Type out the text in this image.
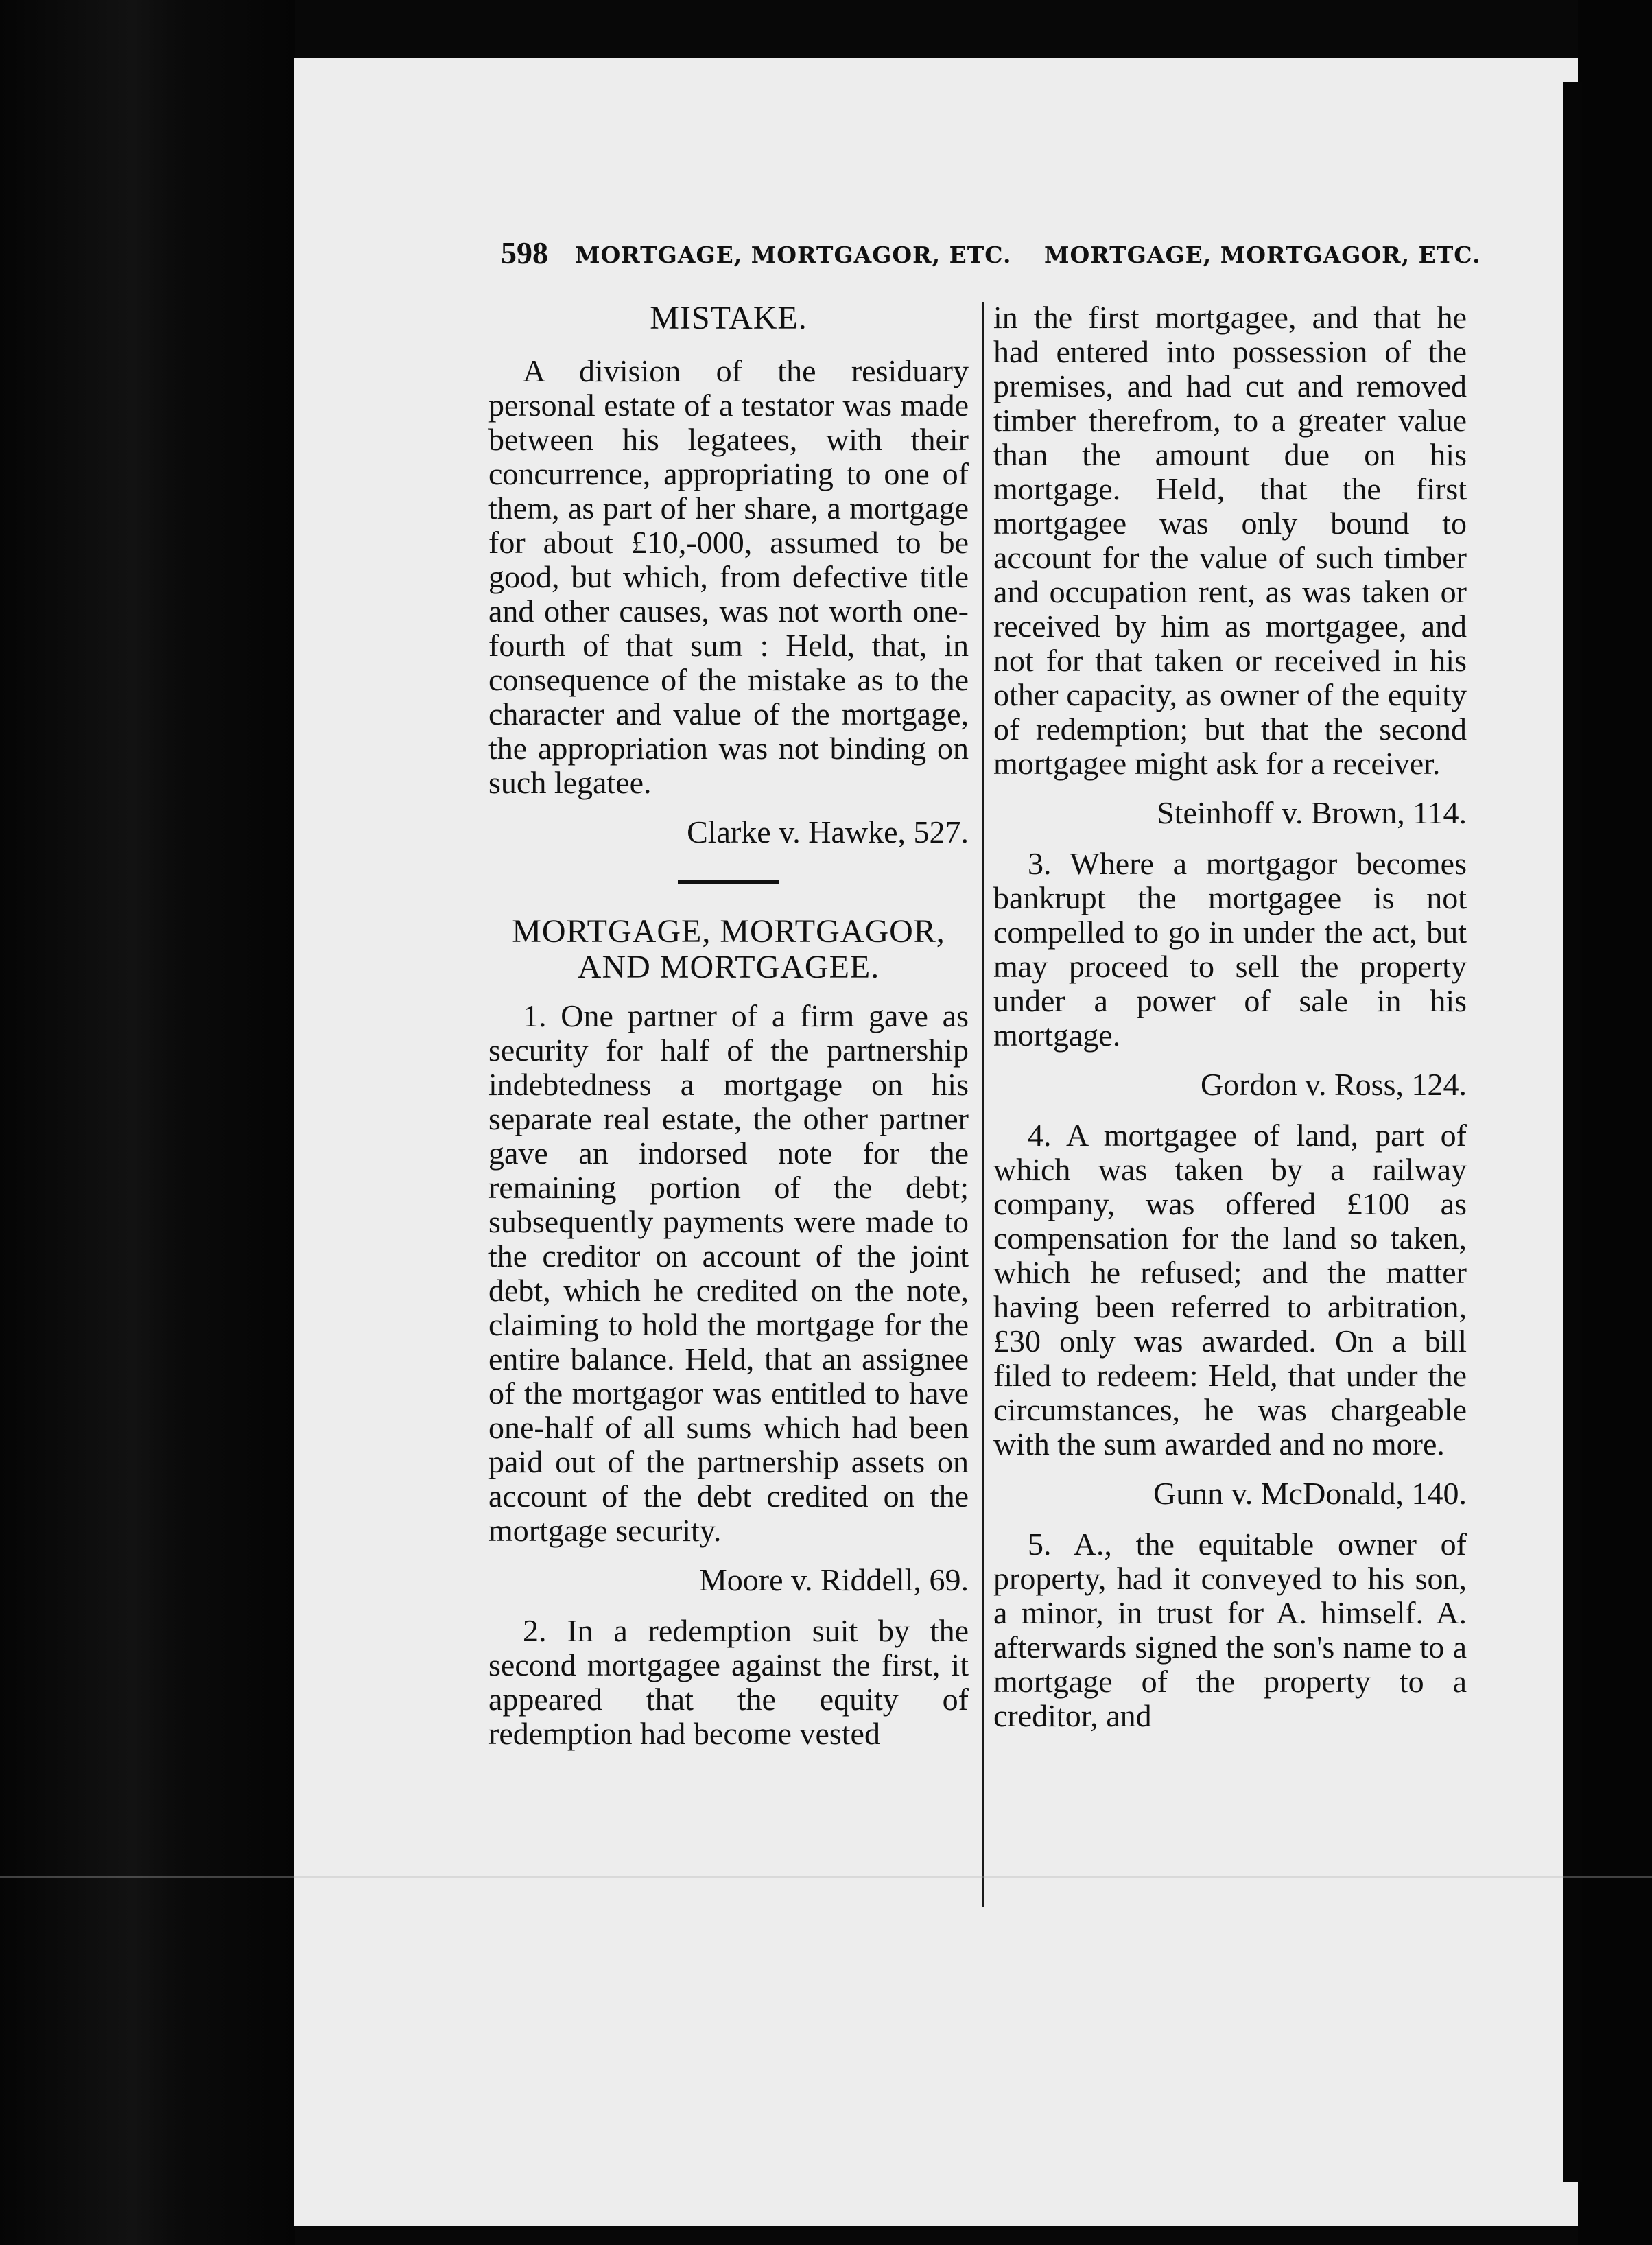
598 MORTGAGE, MORTGAGOR, ETC. MORTGAGE, MORTGAGOR, ETC.
MISTAKE.

A division of the residuary personal estate of a testator was made between his legatees, with their concurrence, appropriating to one of them, as part of her share, a mortgage for about £10,-000, assumed to be good, but which, from defective title and other causes, was not worth one-fourth of that sum : Held, that, in consequence of the mistake as to the character and value of the mortgage, the appropriation was not binding on such legatee.

Clarke v. Hawke, 527.

MORTGAGE, MORTGAGOR,
AND MORTGAGEE.

1. One partner of a firm gave as security for half of the partnership indebtedness a mortgage on his separate real estate, the other partner gave an indorsed note for the remaining portion of the debt; subsequently payments were made to the creditor on account of the joint debt, which he credited on the note, claiming to hold the mortgage for the entire balance. Held, that an assignee of the mortgagor was entitled to have one-half of all sums which had been paid out of the partnership assets on account of the debt credited on the mortgage security.

Moore v. Riddell, 69.

2. In a redemption suit by the second mortgagee against the first, it appeared that the equity of redemption had become vested

in the first mortgagee, and that he had entered into possession of the premises, and had cut and removed timber therefrom, to a greater value than the amount due on his mortgage. Held, that the first mortgagee was only bound to account for the value of such timber and occupation rent, as was taken or received by him as mortgagee, and not for that taken or received in his other capacity, as owner of the equity of redemption; but that the second mortgagee might ask for a receiver.

Steinhoff v. Brown, 114.

3. Where a mortgagor becomes bankrupt the mortgagee is not compelled to go in under the act, but may proceed to sell the property under a power of sale in his mortgage.

Gordon v. Ross, 124.

4. A mortgagee of land, part of which was taken by a railway company, was offered £100 as compensation for the land so taken, which he refused; and the matter having been referred to arbitration, £30 only was awarded. On a bill filed to redeem: Held, that under the circumstances, he was chargeable with the sum awarded and no more.

Gunn v. McDonald, 140.

5. A., the equitable owner of property, had it conveyed to his son, a minor, in trust for A. himself. A. afterwards signed the son's name to a mortgage of the property to a creditor, and
